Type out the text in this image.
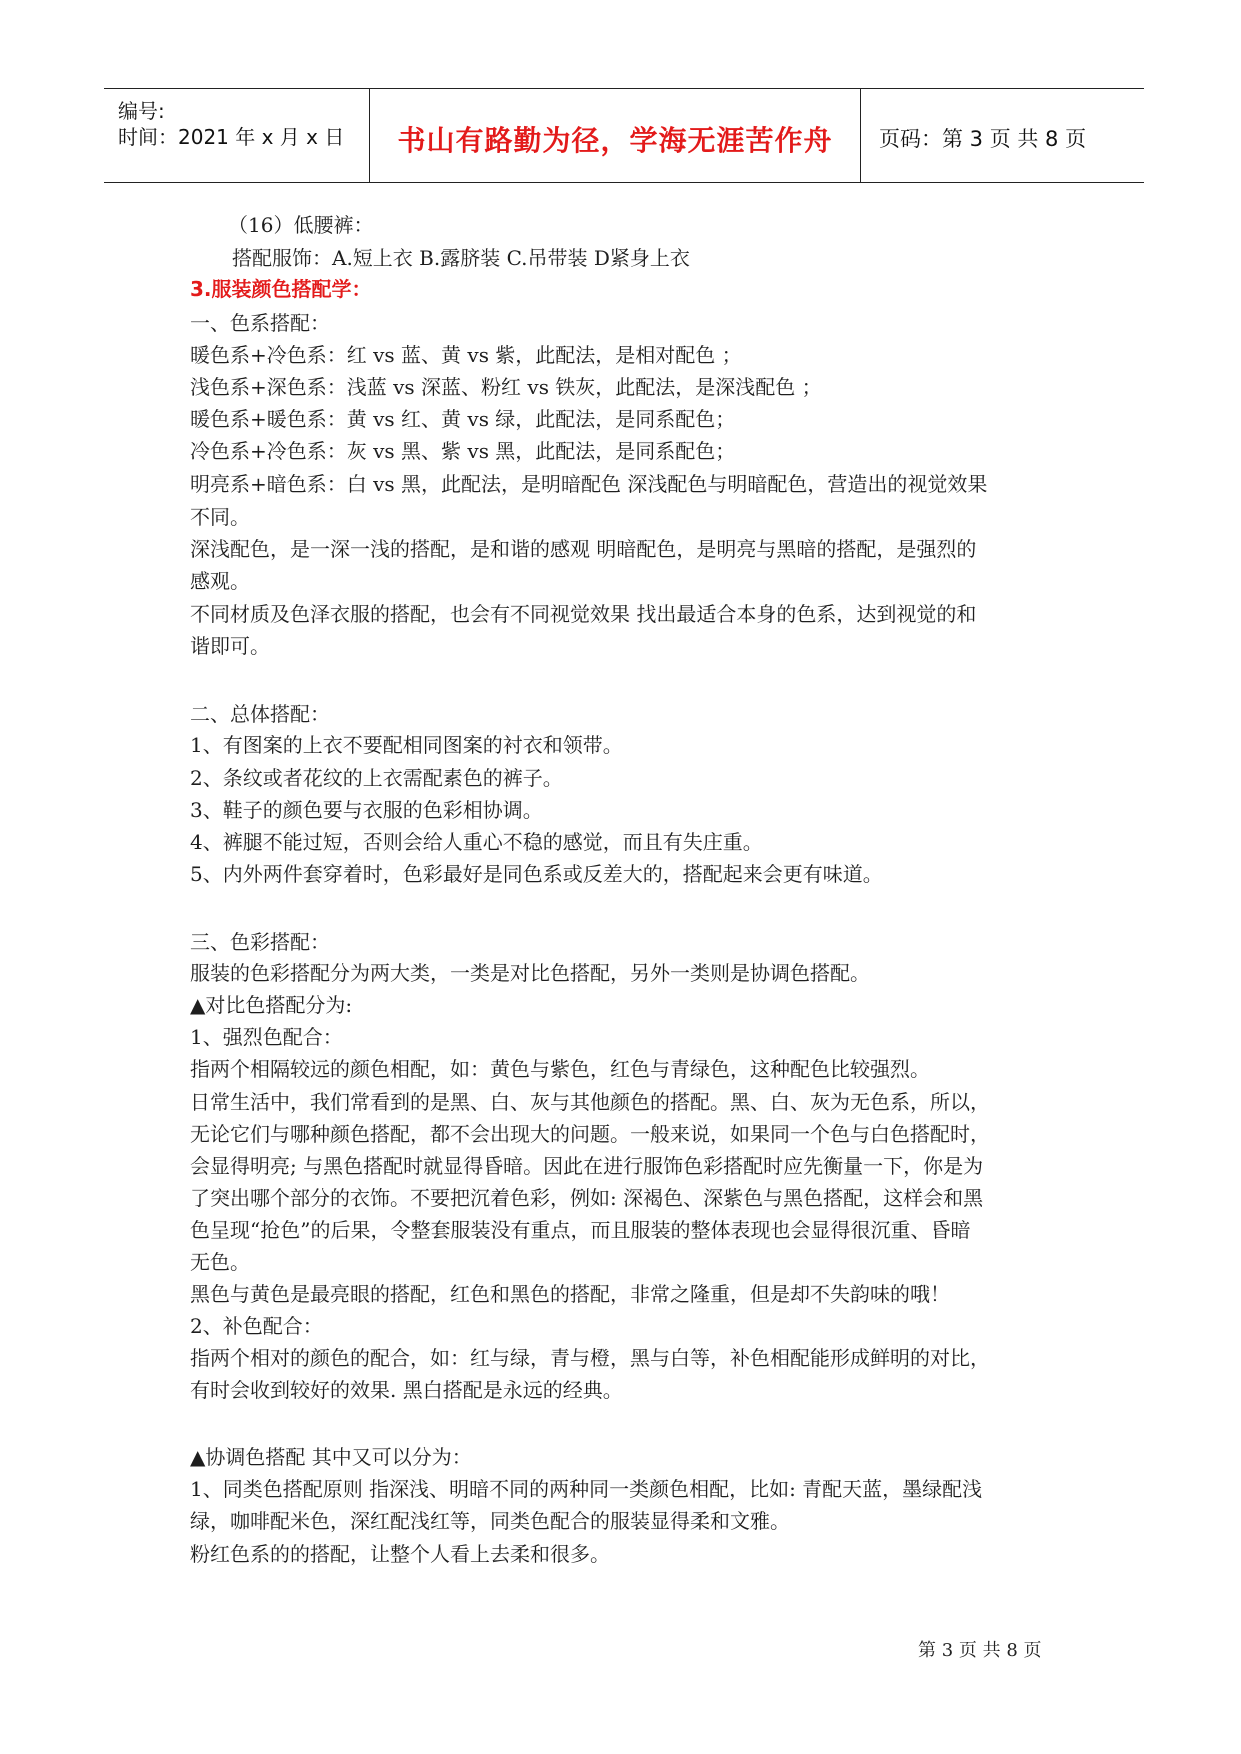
编号:
时间：2021 年 x 月 x 日	书山有路勤为径，学海无涯苦作舟	页码：第 3 页 共 8 页
（16）低腰裤：
搭配服饰：A.短上衣 B.露脐装 C.吊带装 D紧身上衣
3.服装颜色搭配学：
一、色系搭配：
暖色系+冷色系：红 vs 蓝、黄 vs 紫，此配法，是相对配色 ；
浅色系+深色系：浅蓝 vs 深蓝、粉红 vs 铁灰，此配法，是深浅配色 ；
暖色系+暖色系：黄 vs 红、黄 vs 绿，此配法，是同系配色；
冷色系+冷色系：灰 vs 黑、紫 vs 黑，此配法，是同系配色；
明亮系+暗色系：白 vs 黑，此配法，是明暗配色 深浅配色与明暗配色，营造出的视觉效果
不同。
深浅配色，是一深一浅的搭配，是和谐的感观 明暗配色，是明亮与黑暗的搭配，是强烈的
感观。
不同材质及色泽衣服的搭配，也会有不同视觉效果 找出最适合本身的色系，达到视觉的和
谐即可。
二、总体搭配：
1、有图案的上衣不要配相同图案的衬衣和领带。
2、条纹或者花纹的上衣需配素色的裤子。
3、鞋子的颜色要与衣服的色彩相协调。
4、裤腿不能过短，否则会给人重心不稳的感觉，而且有失庄重。
5、内外两件套穿着时，色彩最好是同色系或反差大的，搭配起来会更有味道。
三、色彩搭配：
服装的色彩搭配分为两大类，一类是对比色搭配，另外一类则是协调色搭配。
▲对比色搭配分为:
1、强烈色配合：
指两个相隔较远的颜色相配，如：黄色与紫色，红色与青绿色，这种配色比较强烈。
日常生活中，我们常看到的是黑、白、灰与其他颜色的搭配。黑、白、灰为无色系，所以，
无论它们与哪种颜色搭配，都不会出现大的问题。一般来说，如果同一个色与白色搭配时，
会显得明亮; 与黑色搭配时就显得昏暗。因此在进行服饰色彩搭配时应先衡量一下，你是为
了突出哪个部分的衣饰。不要把沉着色彩，例如: 深褐色、深紫色与黑色搭配，这样会和黑
色呈现“抢色”的后果，令整套服装没有重点，而且服装的整体表现也会显得很沉重、昏暗
无色。
黑色与黄色是最亮眼的搭配，红色和黑色的搭配，非常之隆重，但是却不失韵味的哦！
2、补色配合：
指两个相对的颜色的配合，如：红与绿，青与橙，黑与白等，补色相配能形成鲜明的对比，
有时会收到较好的效果. 黑白搭配是永远的经典。
▲协调色搭配 其中又可以分为：
1、同类色搭配原则 指深浅、明暗不同的两种同一类颜色相配，比如: 青配天蓝，墨绿配浅
绿，咖啡配米色，深红配浅红等，同类色配合的服装显得柔和文雅。
粉红色系的的搭配，让整个人看上去柔和很多。
第 3 页 共 8 页
